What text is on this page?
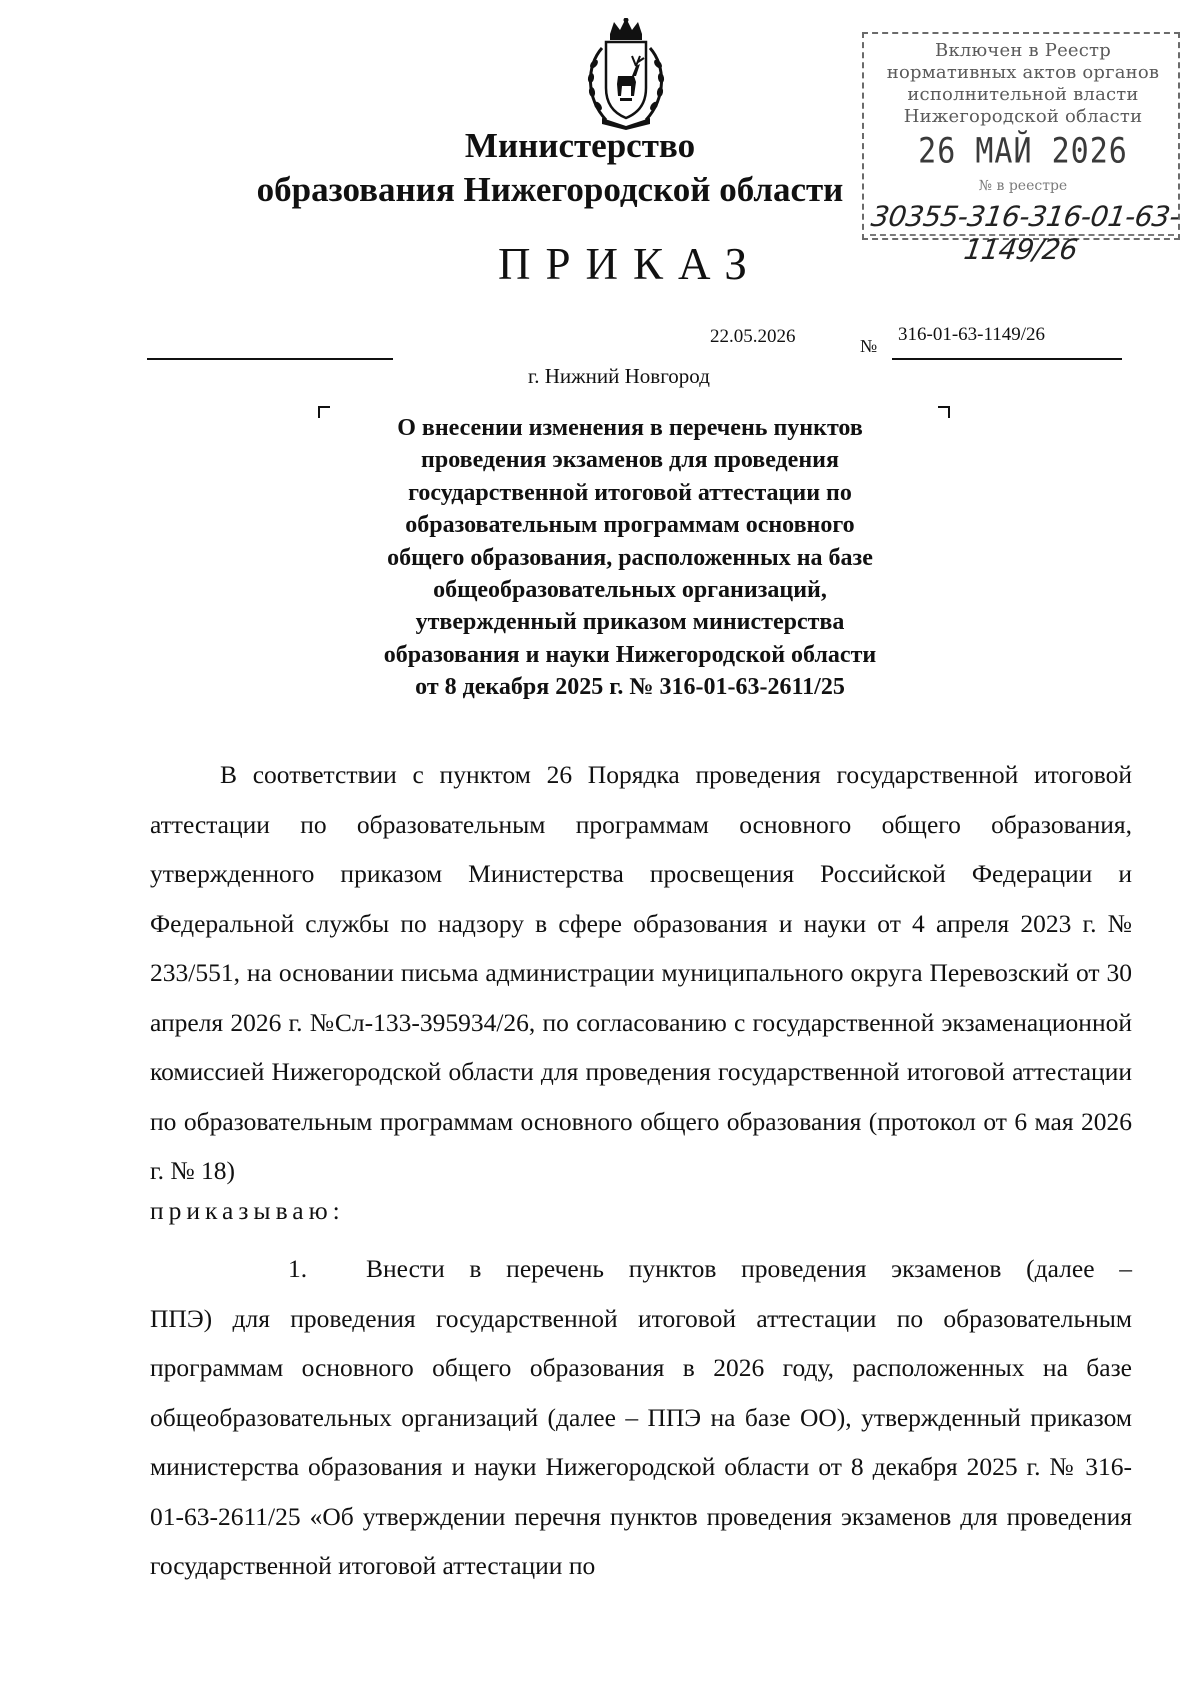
Министерство
образования Нижегородской области
Включен в Реестр
нормативных актов органов
исполнительной власти
Нижегородской области
26 МАЙ 2026
№ в реестре
30355-316-316-01-63-1149/26
ПРИКАЗ
22.05.2026	№
316-01-63-1149/26
г. Нижний Новгород
О внесении изменения в перечень пунктов
проведения экзаменов для проведения
государственной итоговой аттестации по
образовательным программам основного
общего образования, расположенных на базе
общеобразовательных организаций,
утвержденный приказом министерства
образования и науки Нижегородской области
от 8 декабря 2025 г. № 316-01-63-2611/25
В соответствии с пунктом 26 Порядка проведения государственной итоговой аттестации по образовательным программам основного общего образования, утвержденного приказом Министерства просвещения Российской Федерации и Федеральной службы по надзору в сфере образования и науки от 4 апреля 2023 г. № 233/551, на основании письма администрации муниципального округа Перевозский от 30 апреля 2026 г. №Сл-133-395934/26, по согласованию с государственной экзаменационной комиссией Нижегородской области для проведения государственной итоговой аттестации по образовательным программам основного общего образования (протокол от 6 мая 2026 г. № 18)
приказываю:
1. Внести в перечень пунктов проведения экзаменов (далее –
ППЭ) для проведения государственной итоговой аттестации по образовательным программам основного общего образования в 2026 году, расположенных на базе общеобразовательных организаций (далее – ППЭ на базе ОО), утвержденный приказом министерства образования и науки Нижегородской области от 8 декабря 2025 г. № 316-01-63-2611/25 «Об утверждении перечня пунктов проведения экзаменов для проведения государственной итоговой аттестации по
